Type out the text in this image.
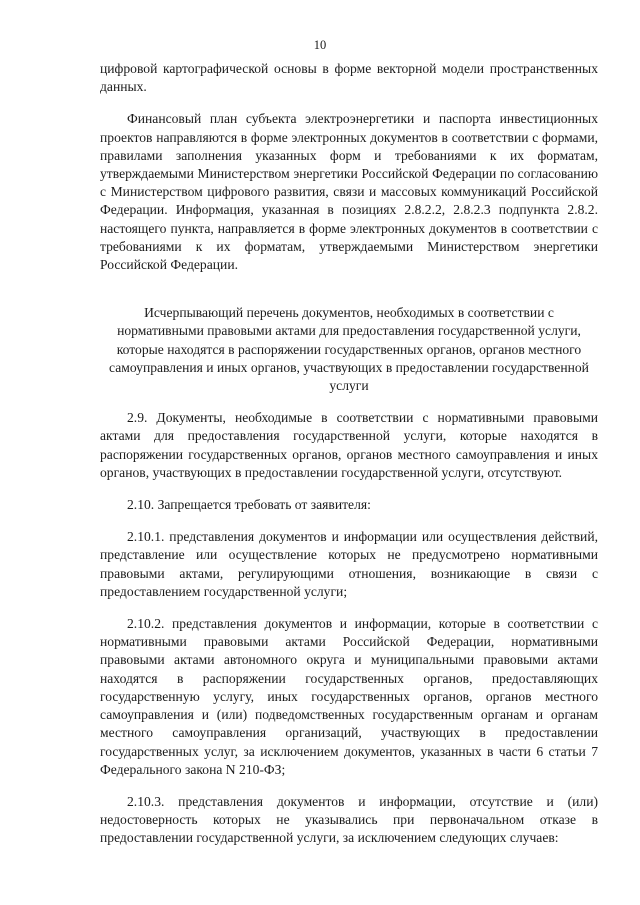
10

цифровой картографической основы в форме векторной модели пространственных данных.

Финансовый план субъекта электроэнергетики и паспорта инвестиционных проектов направляются в форме электронных документов в соответствии с формами, правилами заполнения указанных форм и требованиями к их форматам, утверждаемыми Министерством энергетики Российской Федерации по согласованию с Министерством цифрового развития, связи и массовых коммуникаций Российской Федерации. Информация, указанная в позициях 2.8.2.2, 2.8.2.3 подпункта 2.8.2. настоящего пункта, направляется в форме электронных документов в соответствии с требованиями к их форматам, утверждаемыми Министерством энергетики Российской Федерации.

Исчерпывающий перечень документов, необходимых в соответствии с нормативными правовыми актами для предоставления государственной услуги, которые находятся в распоряжении государственных органов, органов местного самоуправления и иных органов, участвующих в предоставлении государственной услуги

2.9. Документы, необходимые в соответствии с нормативными правовыми актами для предоставления государственной услуги, которые находятся в распоряжении государственных органов, органов местного самоуправления и иных органов, участвующих в предоставлении государственной услуги, отсутствуют.

2.10. Запрещается требовать от заявителя:

2.10.1. представления документов и информации или осуществления действий, представление или осуществление которых не предусмотрено нормативными правовыми актами, регулирующими отношения, возникающие в связи с предоставлением государственной услуги;

2.10.2. представления документов и информации, которые в соответствии с нормативными правовыми актами Российской Федерации, нормативными правовыми актами автономного округа и муниципальными правовыми актами находятся в распоряжении государственных органов, предоставляющих государственную услугу, иных государственных органов, органов местного самоуправления и (или) подведомственных государственным органам и органам местного самоуправления организаций, участвующих в предоставлении государственных услуг, за исключением документов, указанных в части 6 статьи 7 Федерального закона N 210-ФЗ;

2.10.3. представления документов и информации, отсутствие и (или) недостоверность которых не указывались при первоначальном отказе в предоставлении государственной услуги, за исключением следующих случаев:
